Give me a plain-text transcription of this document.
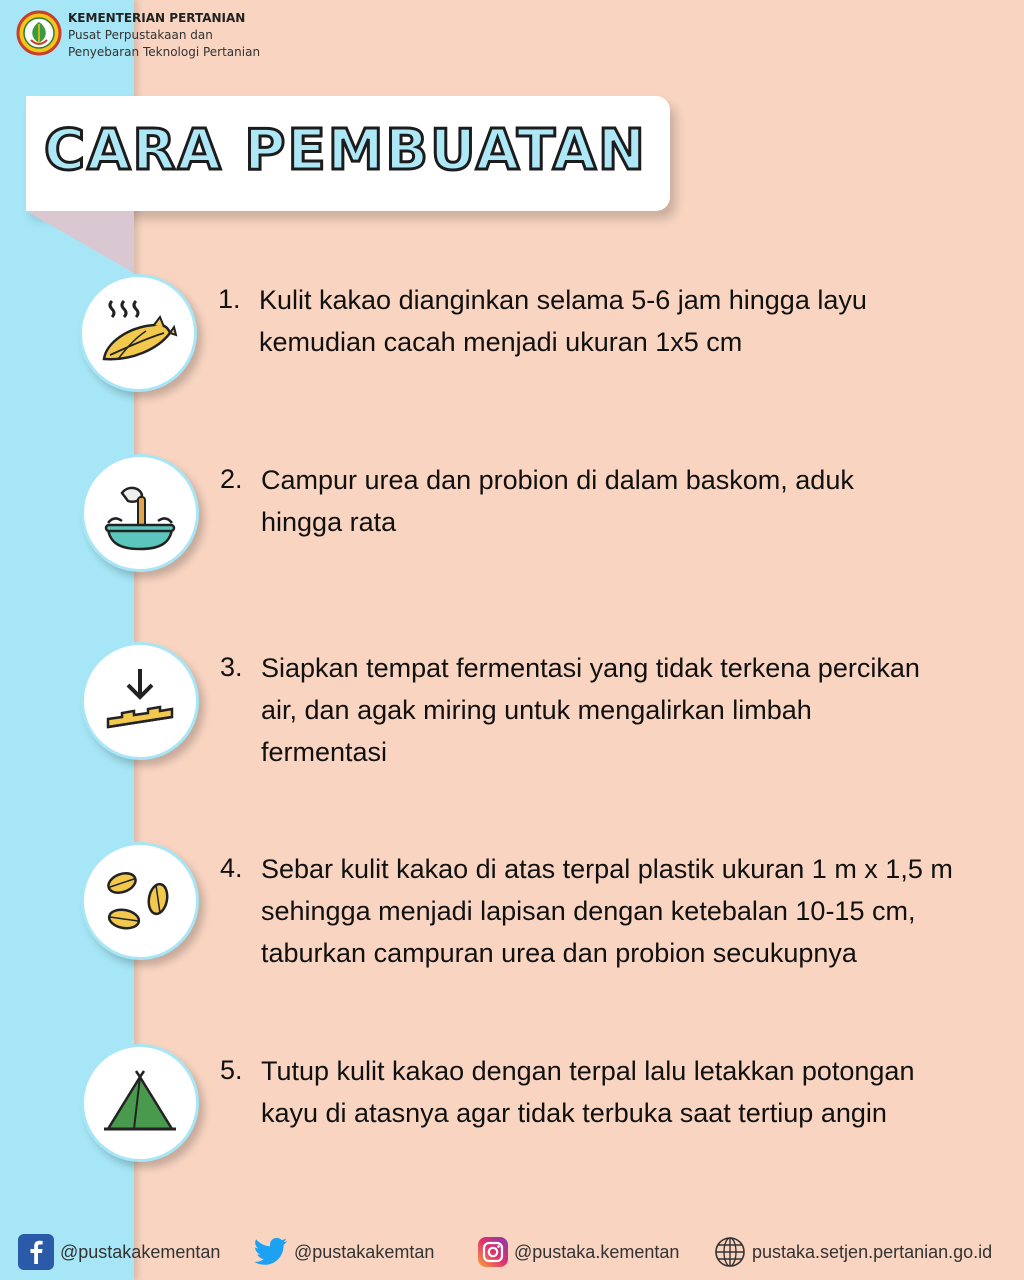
KEMENTERIAN PERTANIAN
Pusat Perpustakaan dan
Penyebaran Teknologi Pertanian
CARA PEMBUATAN
1. Kulit kakao dianginkan selama 5-6 jam hingga layu
kemudian cacah menjadi ukuran 1x5 cm
2. Campur urea dan probion di dalam baskom, aduk
hingga rata
3. Siapkan tempat fermentasi yang tidak terkena percikan
air, dan agak miring untuk mengalirkan limbah
fermentasi
4. Sebar kulit kakao di atas terpal plastik ukuran 1 m x 1,5 m
sehingga menjadi lapisan dengan ketebalan 10-15 cm,
taburkan campuran urea dan probion secukupnya
5. Tutup kulit kakao dengan terpal lalu letakkan potongan
kayu di atasnya agar tidak terbuka saat tertiup angin
@pustakakementan	@pustakakemtan	@pustaka.kementan	pustaka.setjen.pertanian.go.id
